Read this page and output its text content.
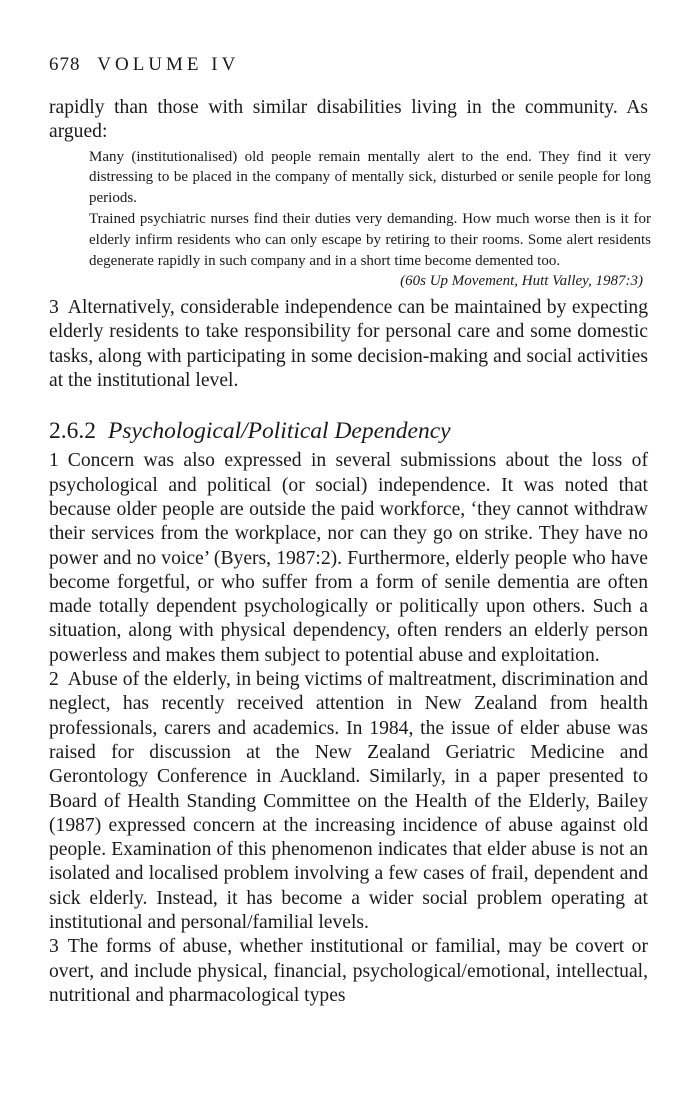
678 VOLUME IV

rapidly than those with similar disabilities living in the community. As argued:

Many (institutionalised) old people remain mentally alert to the end. They find it very distressing to be placed in the company of mentally sick, disturbed or senile people for long periods.

Trained psychiatric nurses find their duties very demanding. How much worse then is it for elderly infirm residents who can only escape by retiring to their rooms. Some alert residents degenerate rapidly in such company and in a short time become demented too.

(60s Up Movement, Hutt Valley, 1987:3)

3 Alternatively, considerable independence can be maintained by expecting elderly residents to take responsibility for personal care and some domestic tasks, along with participating in some decision-making and social activities at the institutional level.

2.6.2 Psychological/Political Dependency

1 Concern was also expressed in several submissions about the loss of psychological and political (or social) independence. It was noted that because older people are outside the paid workforce, ‘they cannot withdraw their services from the workplace, nor can they go on strike. They have no power and no voice’ (Byers, 1987:2). Furthermore, elderly people who have become forgetful, or who suffer from a form of senile dementia are often made totally dependent psychologically or politically upon others. Such a situation, along with physical dependency, often renders an elderly person powerless and makes them subject to potential abuse and exploitation.

2 Abuse of the elderly, in being victims of maltreatment, discrimination and neglect, has recently received attention in New Zealand from health professionals, carers and academics. In 1984, the issue of elder abuse was raised for discussion at the New Zealand Geriatric Medicine and Gerontology Conference in Auckland. Similarly, in a paper presented to Board of Health Standing Committee on the Health of the Elderly, Bailey (1987) expressed concern at the increasing incidence of abuse against old people. Examination of this phenomenon indicates that elder abuse is not an isolated and localised problem involving a few cases of frail, dependent and sick elderly. Instead, it has become a wider social problem operating at institutional and personal/familial levels.

3 The forms of abuse, whether institutional or familial, may be covert or overt, and include physical, financial, psychological/emotional, intellectual, nutritional and pharmacological types
